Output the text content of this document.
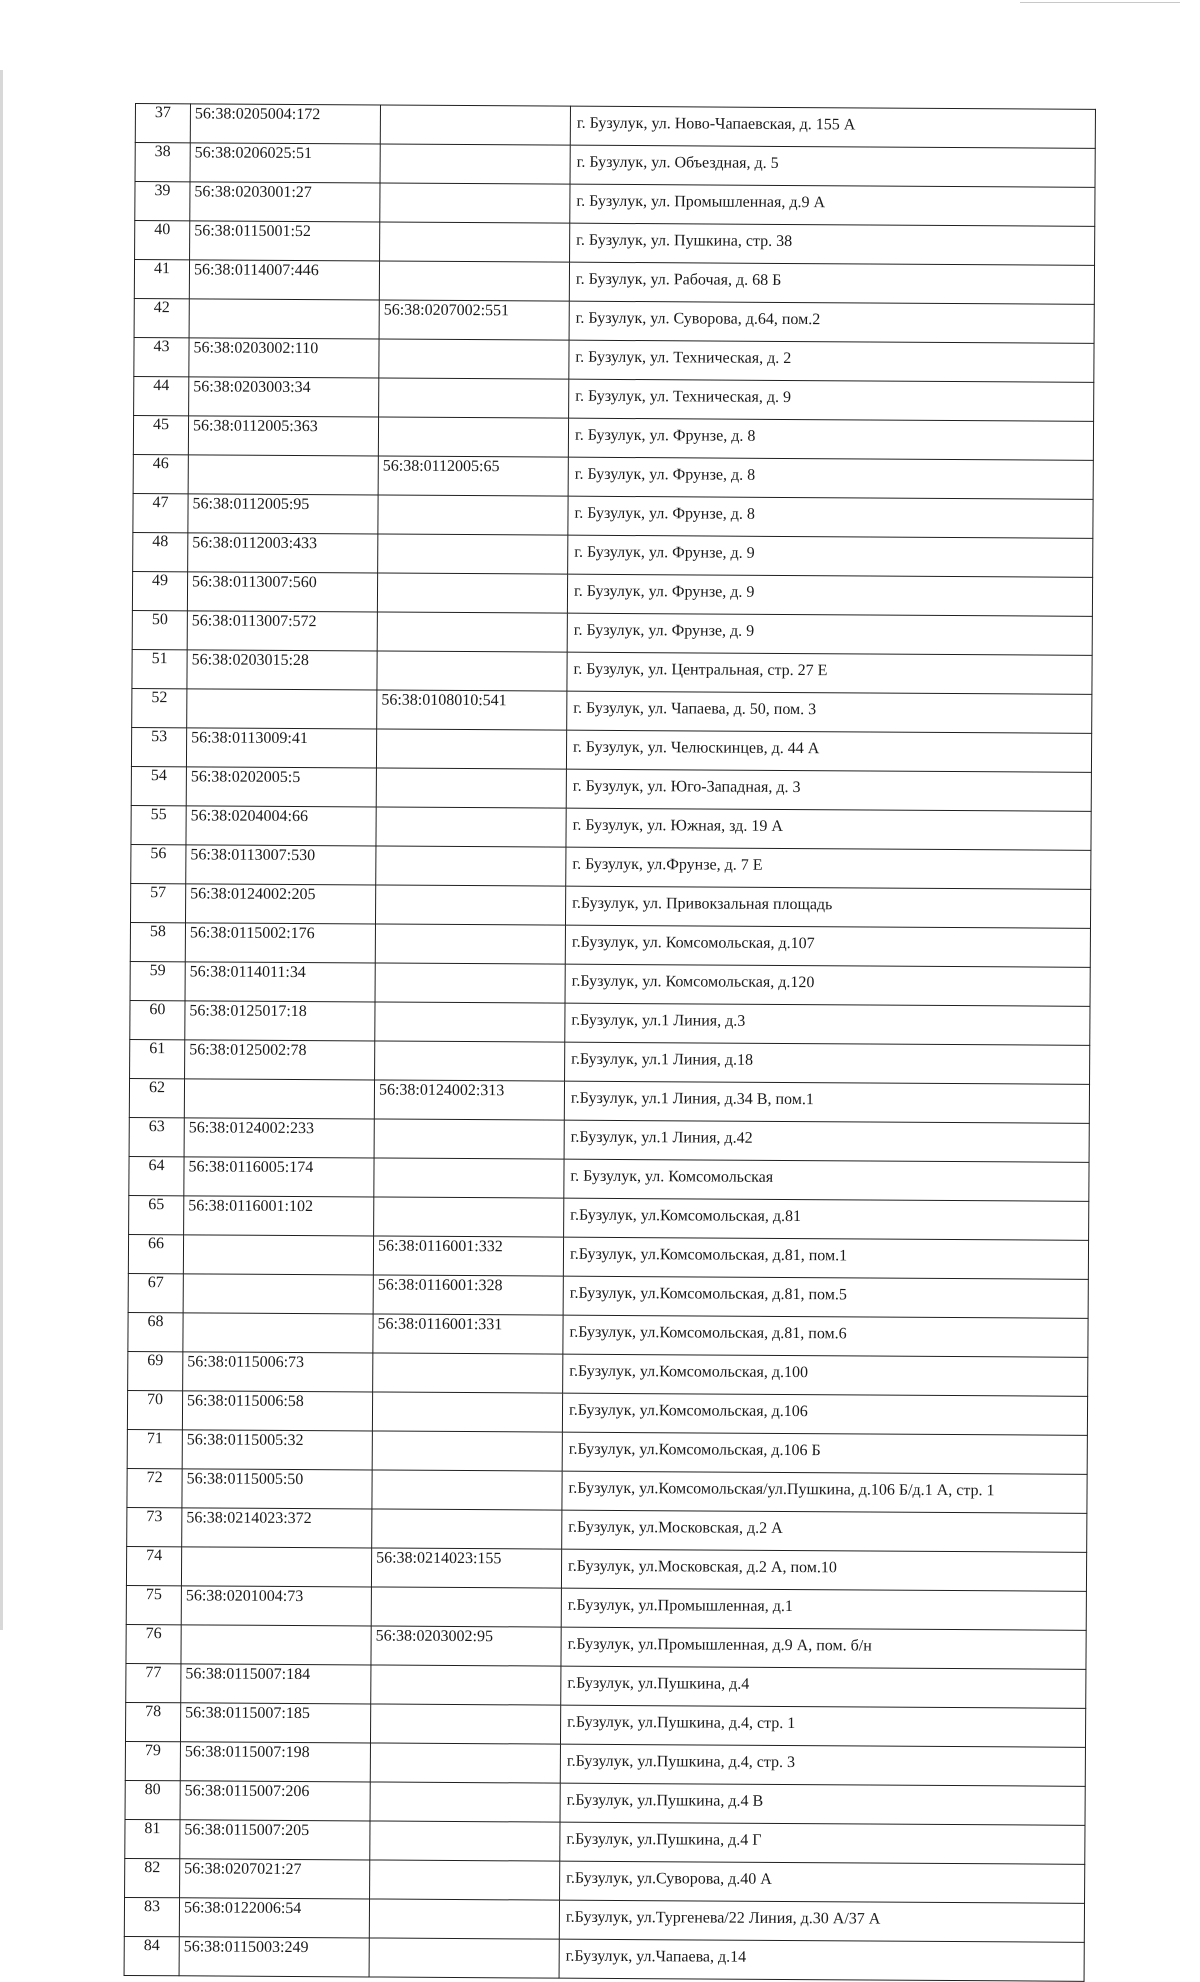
37	56:38:0205004:172		г. Бузулук, ул. Ново-Чапаевская, д. 155 А
38	56:38:0206025:51		г. Бузулук, ул. Объездная, д. 5
39	56:38:0203001:27		г. Бузулук, ул. Промышленная, д.9 А
40	56:38:0115001:52		г. Бузулук, ул. Пушкина, стр. 38
41	56:38:0114007:446		г. Бузулук, ул. Рабочая, д. 68 Б
42		56:38:0207002:551	г. Бузулук, ул. Суворова, д.64, пом.2
43	56:38:0203002:110		г. Бузулук, ул. Техническая, д. 2
44	56:38:0203003:34		г. Бузулук, ул. Техническая, д. 9
45	56:38:0112005:363		г. Бузулук, ул. Фрунзе, д. 8
46		56:38:0112005:65	г. Бузулук, ул. Фрунзе, д. 8
47	56:38:0112005:95		г. Бузулук, ул. Фрунзе, д. 8
48	56:38:0112003:433		г. Бузулук, ул. Фрунзе, д. 9
49	56:38:0113007:560		г. Бузулук, ул. Фрунзе, д. 9
50	56:38:0113007:572		г. Бузулук, ул. Фрунзе, д. 9
51	56:38:0203015:28		г. Бузулук, ул. Центральная, стр. 27 Е
52		56:38:0108010:541	г. Бузулук, ул. Чапаева, д. 50, пом. 3
53	56:38:0113009:41		г. Бузулук, ул. Челюскинцев, д. 44 А
54	56:38:0202005:5		г. Бузулук, ул. Юго-Западная, д. 3
55	56:38:0204004:66		г. Бузулук, ул. Южная, зд. 19 А
56	56:38:0113007:530		г. Бузулук, ул.Фрунзе, д. 7 Е
57	56:38:0124002:205		г.Бузулук, ул. Привокзальная площадь
58	56:38:0115002:176		г.Бузулук, ул. Комсомольская, д.107
59	56:38:0114011:34		г.Бузулук, ул. Комсомольская, д.120
60	56:38:0125017:18		г.Бузулук, ул.1 Линия, д.3
61	56:38:0125002:78		г.Бузулук, ул.1 Линия, д.18
62		56:38:0124002:313	г.Бузулук, ул.1 Линия, д.34 В, пом.1
63	56:38:0124002:233		г.Бузулук, ул.1 Линия, д.42
64	56:38:0116005:174		г. Бузулук, ул. Комсомольская
65	56:38:0116001:102		г.Бузулук, ул.Комсомольская, д.81
66		56:38:0116001:332	г.Бузулук, ул.Комсомольская, д.81, пом.1
67		56:38:0116001:328	г.Бузулук, ул.Комсомольская, д.81, пом.5
68		56:38:0116001:331	г.Бузулук, ул.Комсомольская, д.81, пом.6
69	56:38:0115006:73		г.Бузулук, ул.Комсомольская, д.100
70	56:38:0115006:58		г.Бузулук, ул.Комсомольская, д.106
71	56:38:0115005:32		г.Бузулук, ул.Комсомольская, д.106 Б
72	56:38:0115005:50		г.Бузулук, ул.Комсомольская/ул.Пушкина, д.106 Б/д.1 А, стр. 1
73	56:38:0214023:372		г.Бузулук, ул.Московская, д.2 А
74		56:38:0214023:155	г.Бузулук, ул.Московская, д.2 А, пом.10
75	56:38:0201004:73		г.Бузулук, ул.Промышленная, д.1
76		56:38:0203002:95	г.Бузулук, ул.Промышленная, д.9 А, пом. б/н
77	56:38:0115007:184		г.Бузулук, ул.Пушкина, д.4
78	56:38:0115007:185		г.Бузулук, ул.Пушкина, д.4, стр. 1
79	56:38:0115007:198		г.Бузулук, ул.Пушкина, д.4, стр. 3
80	56:38:0115007:206		г.Бузулук, ул.Пушкина, д.4 В
81	56:38:0115007:205		г.Бузулук, ул.Пушкина, д.4 Г
82	56:38:0207021:27		г.Бузулук, ул.Суворова, д.40 А
83	56:38:0122006:54		г.Бузулук, ул.Тургенева/22 Линия, д.30 А/37 А
84	56:38:0115003:249		г.Бузулук, ул.Чапаева, д.14
